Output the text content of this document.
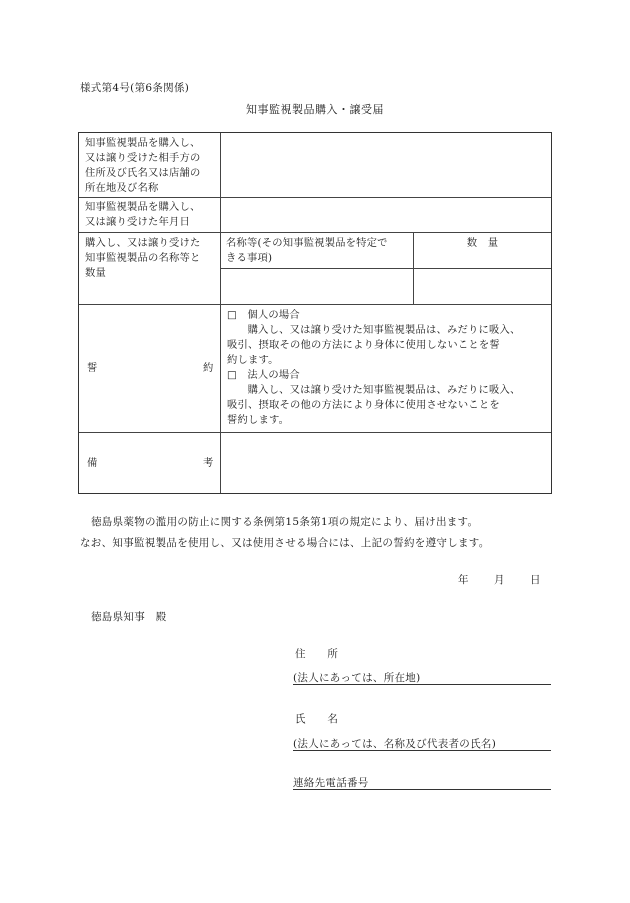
様式第4号(第6条関係)
知事監視製品購入・譲受届
知事監視製品を購入し、
又は譲り受けた相手方の
住所及び氏名又は店舗の
所在地及び名称
知事監視製品を購入し、
又は譲り受けた年月日
購入し、又は譲り受けた
知事監視製品の名称等と
数量
名称等(その知事監視製品を特定で
きる事項)
数　量
誓	約
□　個人の場合
購入し、又は譲り受けた知事監視製品は、みだりに吸入、
吸引、摂取その他の方法により身体に使用しないことを誓
約します。
□　法人の場合
購入し、又は譲り受けた知事監視製品は、みだりに吸入、
吸引、摂取その他の方法により身体に使用させないことを
誓約します。
備	考
徳島県薬物の濫用の防止に関する条例第15条第1項の規定により、届け出ます。
なお、知事監視製品を使用し、又は使用させる場合には、上記の誓約を遵守します。
年 月 日
徳島県知事　殿
住　　所
(法人にあっては、所在地)
氏　　名
(法人にあっては、名称及び代表者の氏名)
連絡先電話番号
